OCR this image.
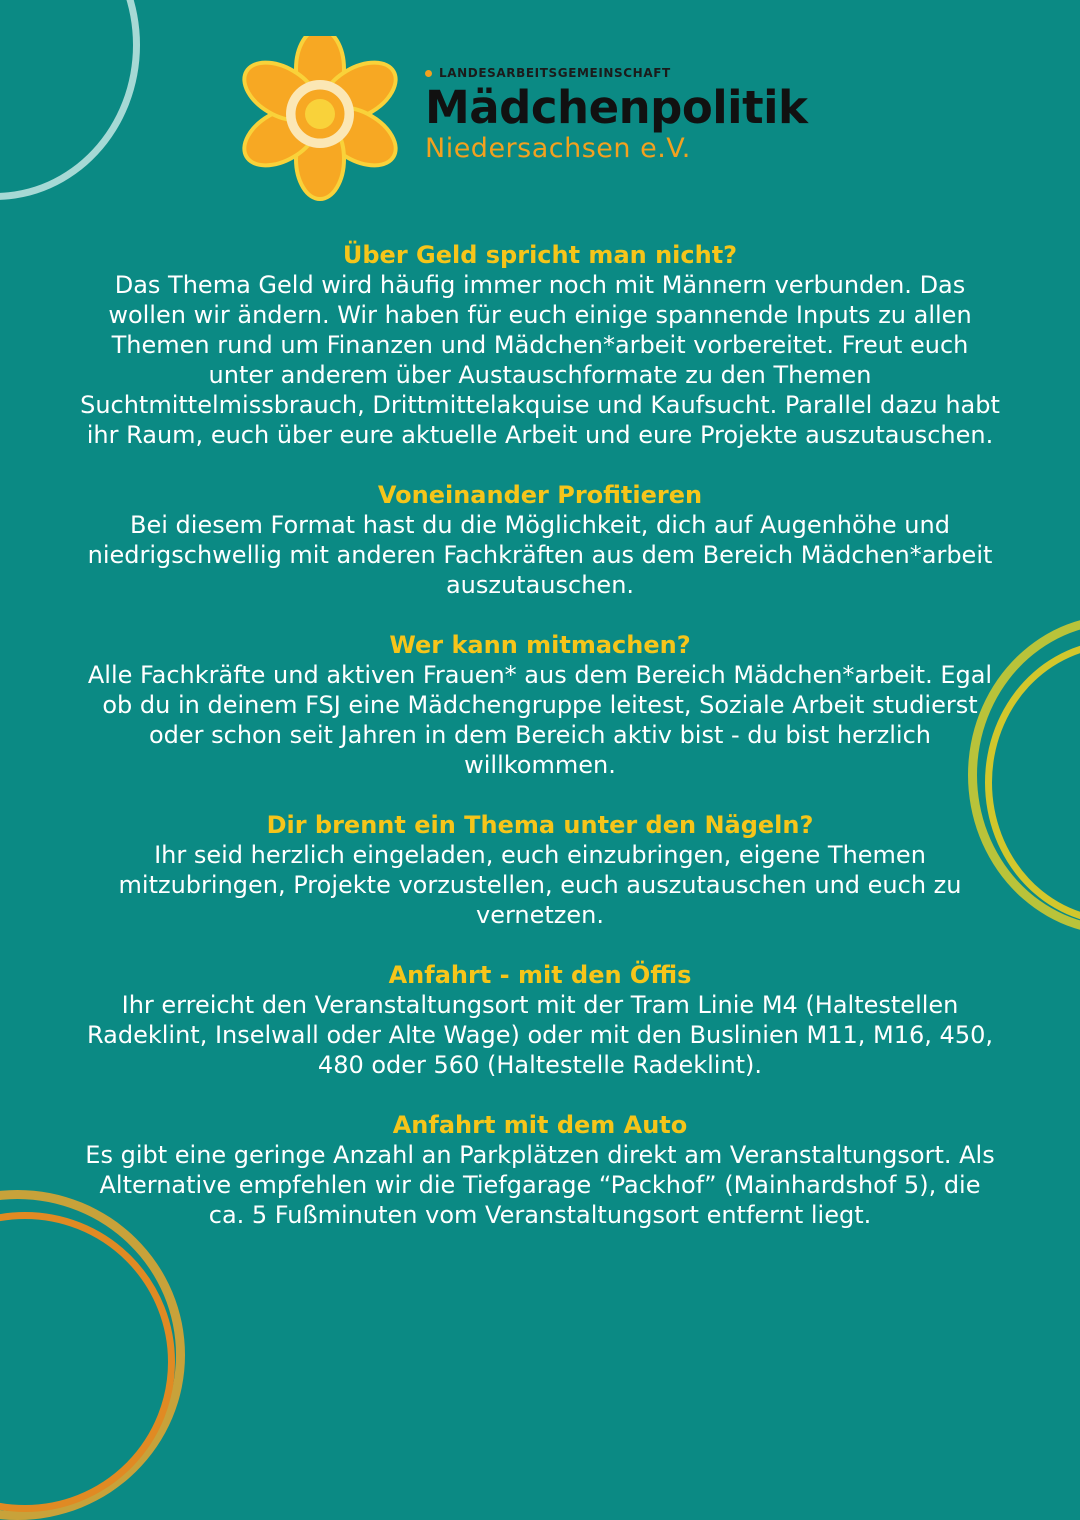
LANDESARBEITSGEMEINSCHAFT
Mädchenpolitik
Niedersachsen e.V.

Über Geld spricht man nicht?

Das Thema Geld wird häufig immer noch mit Männern verbunden. Das wollen wir ändern. Wir haben für euch einige spannende Inputs zu allen Themen rund um Finanzen und Mädchen*arbeit vorbereitet. Freut euch unter anderem über Austauschformate zu den Themen Suchtmittelmissbrauch, Drittmittelakquise und Kaufsucht. Parallel dazu habt ihr Raum, euch über eure aktuelle Arbeit und eure Projekte auszutauschen.

Voneinander Profitieren

Bei diesem Format hast du die Möglichkeit, dich auf Augenhöhe und niedrigschwellig mit anderen Fachkräften aus dem Bereich Mädchen*arbeit auszutauschen.

Wer kann mitmachen?

Alle Fachkräfte und aktiven Frauen* aus dem Bereich Mädchen*arbeit. Egal ob du in deinem FSJ eine Mädchengruppe leitest, Soziale Arbeit studierst oder schon seit Jahren in dem Bereich aktiv bist - du bist herzlich willkommen.

Dir brennt ein Thema unter den Nägeln?

Ihr seid herzlich eingeladen, euch einzubringen, eigene Themen mitzubringen, Projekte vorzustellen, euch auszutauschen und euch zu vernetzen.

Anfahrt - mit den Öffis

Ihr erreicht den Veranstaltungsort mit der Tram Linie M4 (Haltestellen Radeklint, Inselwall oder Alte Wage) oder mit den Buslinien M11, M16, 450, 480 oder 560 (Haltestelle Radeklint).

Anfahrt mit dem Auto

Es gibt eine geringe Anzahl an Parkplätzen direkt am Veranstaltungsort. Als Alternative empfehlen wir die Tiefgarage “Packhof” (Mainhardshof 5), die ca. 5 Fußminuten vom Veranstaltungsort entfernt liegt.
